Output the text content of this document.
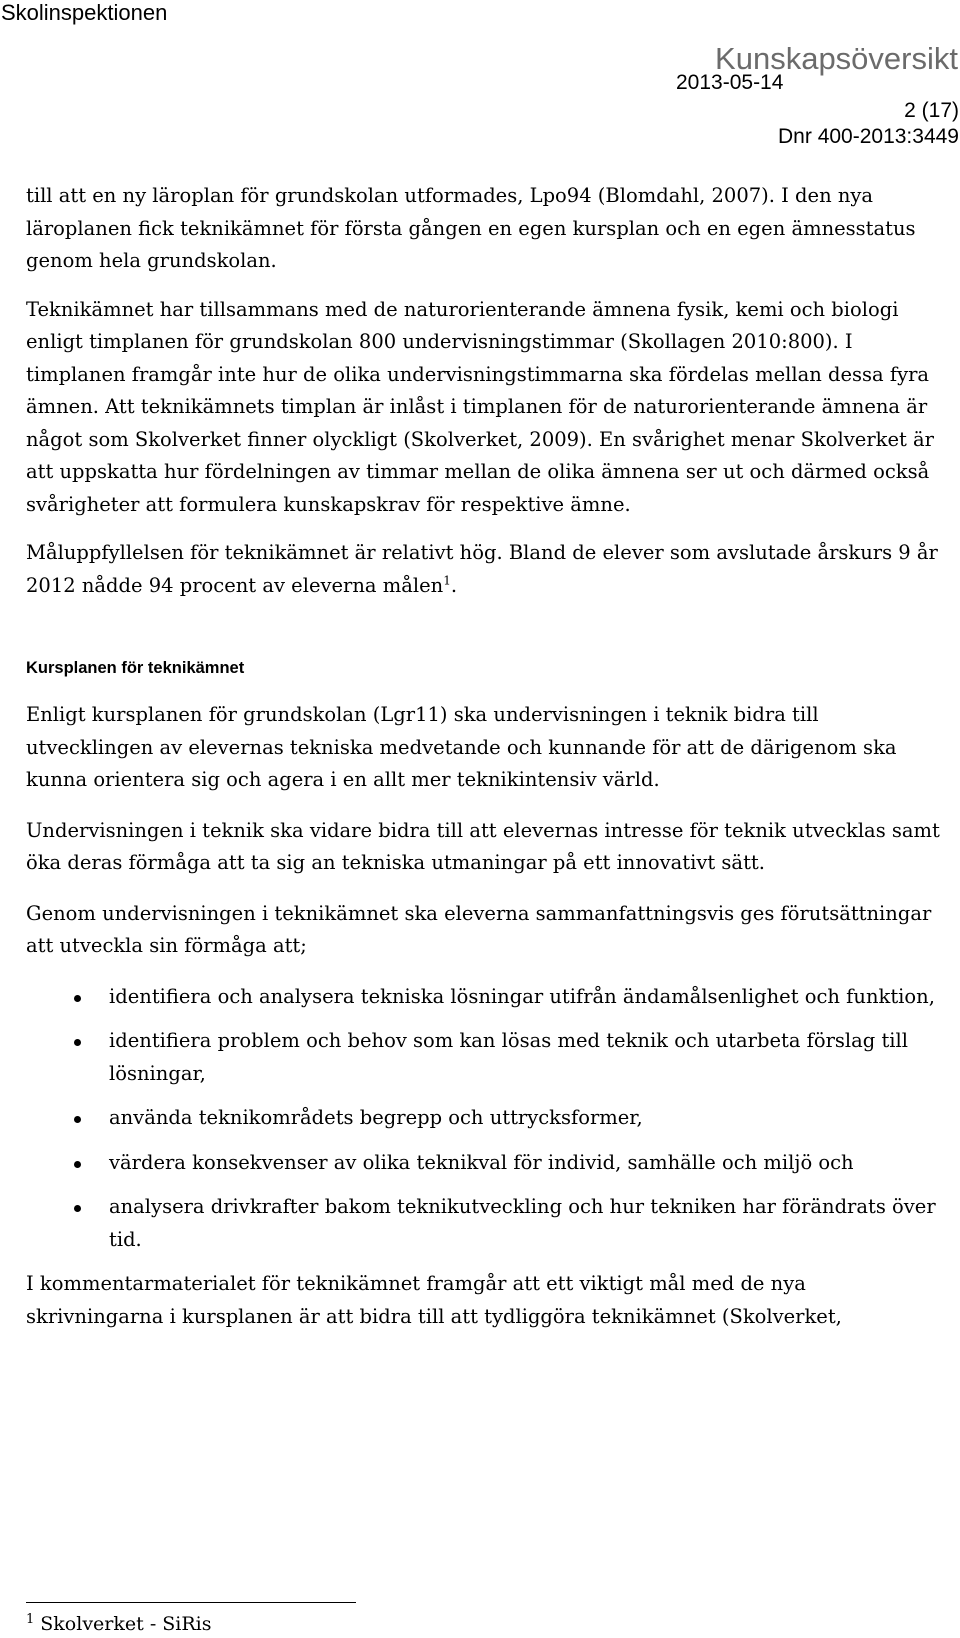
Skolinspektionen
Kunskapsöversikt
2013-05-14
2 (17)
Dnr 400-2013:3449

till att en ny läroplan för grundskolan utformades, Lpo94 (Blomdahl, 2007). I den nya läroplanen fick teknikämnet för första gången en egen kursplan och en egen ämnesstatus genom hela grundskolan.

Teknikämnet har tillsammans med de naturorienterande ämnena fysik, kemi och biologi enligt timplanen för grundskolan 800 undervisningstimmar (Skollagen 2010:800). I timplanen framgår inte hur de olika undervisningstimmarna ska fördelas mellan dessa fyra ämnen. Att teknikämnets timplan är inlåst i timplanen för de naturorienterande ämnena är något som Skolverket finner olyckligt (Skolverket, 2009). En svårighet menar Skolverket är att uppskatta hur fördelningen av timmar mellan de olika ämnena ser ut och därmed också svårigheter att formulera kunskapskrav för respektive ämne.

Måluppfyllelsen för teknikämnet är relativt hög. Bland de elever som avslutade årskurs 9 år 2012 nådde 94 procent av eleverna målen$^1$.

Kursplanen för teknikämnet

Enligt kursplanen för grundskolan (Lgr11) ska undervisningen i teknik bidra till utvecklingen av elevernas tekniska medvetande och kunnande för att de därigenom ska kunna orientera sig och agera i en allt mer teknikintensiv värld.

Undervisningen i teknik ska vidare bidra till att elevernas intresse för teknik utvecklas samt öka deras förmåga att ta sig an tekniska utmaningar på ett innovativt sätt.

Genom undervisningen i teknikämnet ska eleverna sammanfattningsvis ges förutsättningar att utveckla sin förmåga att;

identifiera och analysera tekniska lösningar utifrån ändamålsenlighet och funktion,
identifiera problem och behov som kan lösas med teknik och utarbeta förslag till lösningar,
använda teknikområdets begrepp och uttrycksformer,
värdera konsekvenser av olika teknikval för individ, samhälle och miljö och
analysera drivkrafter bakom teknikutveckling och hur tekniken har förändrats över tid.

I kommentarmaterialet för teknikämnet framgår att ett viktigt mål med de nya skrivningarna i kursplanen är att bidra till att tydliggöra teknikämnet (Skolverket,

$^1$ Skolverket - SiRis
